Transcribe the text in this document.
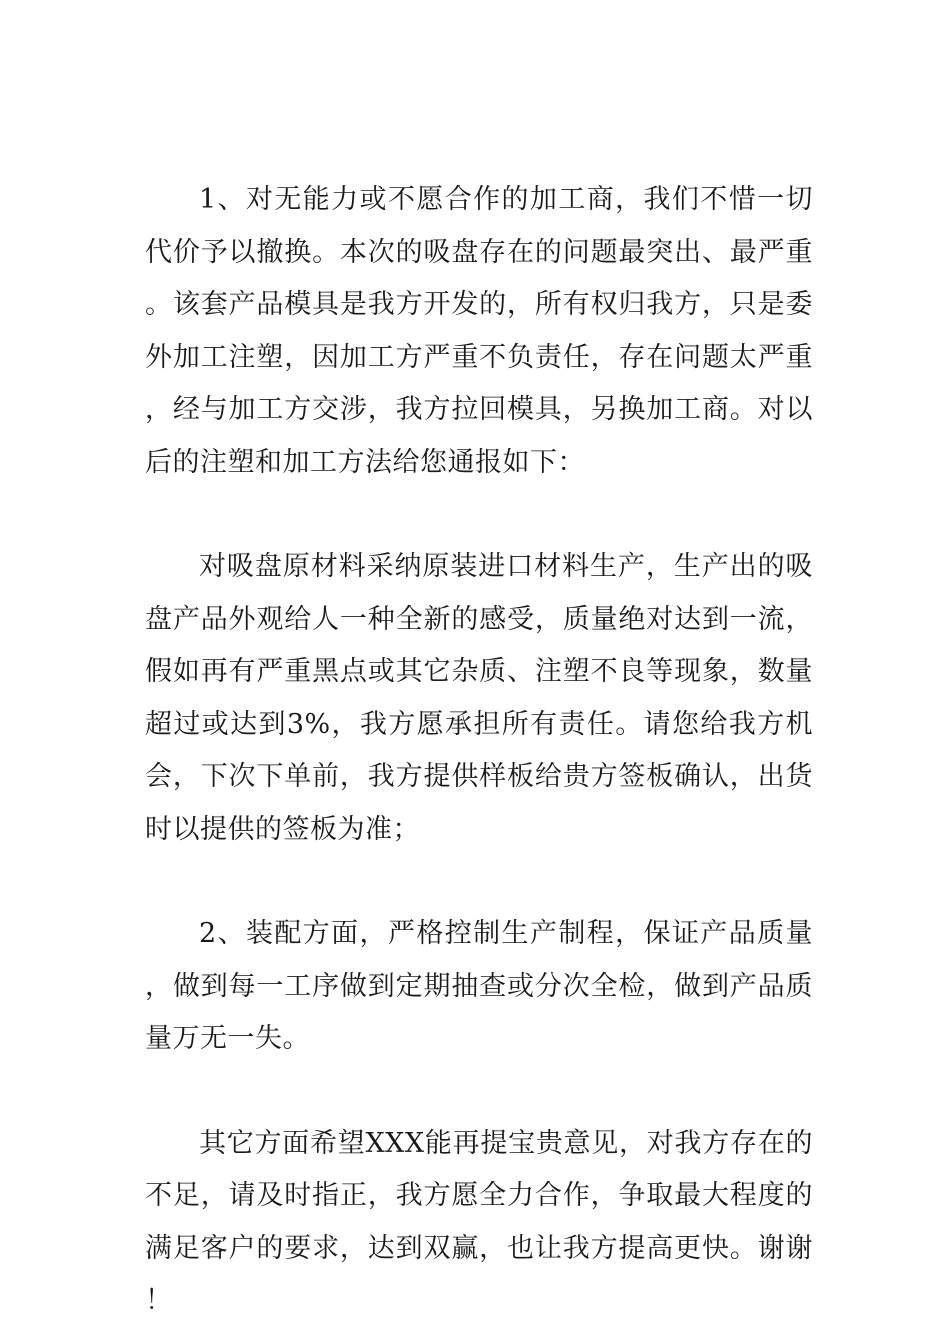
1、对无能力或不愿合作的加工商，我们不惜一切代价予以撤换。本次的吸盘存在的问题最突出、最严重。该套产品模具是我方开发的，所有权归我方，只是委外加工注塑，因加工方严重不负责任，存在问题太严重，经与加工方交涉，我方拉回模具，另换加工商。对以后的注塑和加工方法给您通报如下：

对吸盘原材料采纳原装进口材料生产，生产出的吸盘产品外观给人一种全新的感受，质量绝对达到一流，假如再有严重黑点或其它杂质、注塑不良等现象，数量超过或达到3%，我方愿承担所有责任。请您给我方机会，下次下单前，我方提供样板给贵方签板确认，出货时以提供的签板为准；

2、装配方面，严格控制生产制程，保证产品质量，做到每一工序做到定期抽查或分次全检，做到产品质量万无一失。

其它方面希望XXX能再提宝贵意见，对我方存在的不足，请及时指正，我方愿全力合作，争取最大程度的满足客户的要求，达到双赢，也让我方提高更快。谢谢！
